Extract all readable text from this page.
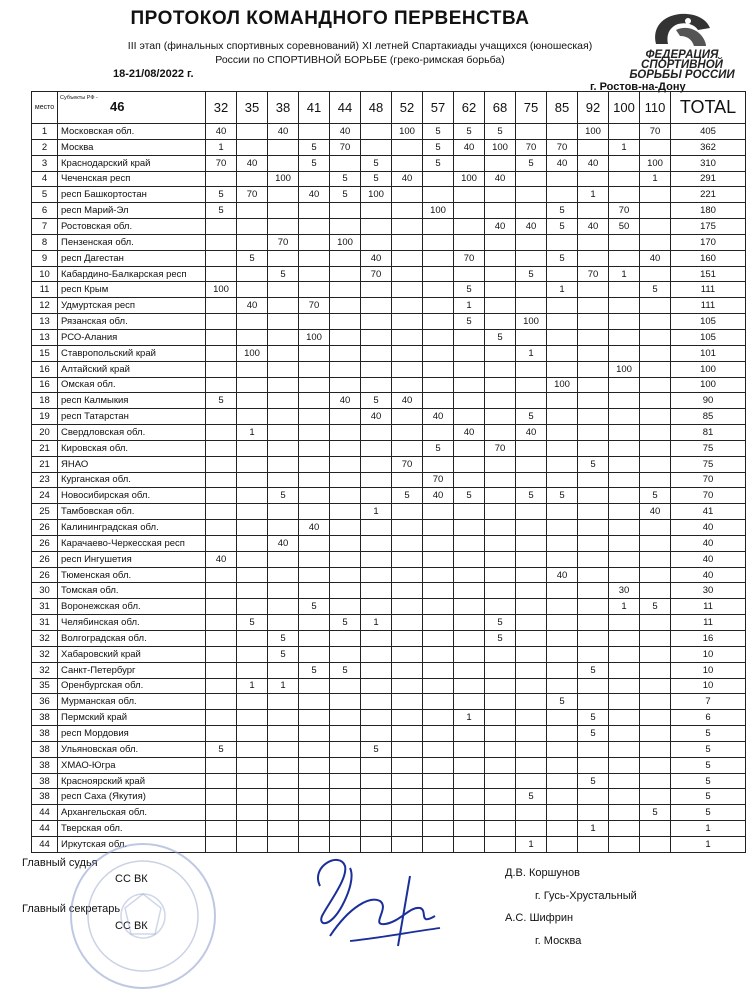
ПРОТОКОЛ КОМАНДНОГО ПЕРВЕНСТВА
III этап (финальных спортивных соревнований) XI летней Спартакиады учащихся (юношеская)
России по СПОРТИВНОЙ БОРЬБЕ (греко-римская борьба)
18-21/08/2022 г.
г. Ростов-на-Дону
ФЕДЕРАЦИЯ
СПОРТИВНОЙ
БОРЬБЫ РОССИИ
место	Субъекты РФ -
46	32	35	38	41	44	48	52	57	62	68	75	85	92	100	110	TOTAL
1	Московская обл.	40		40		40		100	5	5	5			100		70	405
2	Москва	1			5	70			5	40	100	70	70		1		362
3	Краснодарский край	70	40		5		5		5			5	40	40		100	310
4	Чеченская респ			100		5	5	40		100	40					1	291
5	респ Башкортостан	5	70		40	5	100							1			221
6	респ Марий-Эл	5							100				5		70		180
7	Ростовская обл.										40	40	5	40	50		175
8	Пензенская обл.			70		100											170
9	респ Дагестан		5				40			70			5			40	160
10	Кабардино-Балкарская респ			5			70					5		70	1		151
11	респ Крым	100								5			1			5	111
12	Удмуртская респ		40		70					1							111
13	Рязанская обл.									5		100					105
13	РСО-Алания				100						5						105
15	Ставропольский край		100									1					101
16	Алтайский край														100		100
16	Омская обл.												100				100
18	респ Калмыкия	5				40	5	40									90
19	респ Татарстан						40		40			5					85
20	Свердловская обл.		1							40		40					81
21	Кировская обл.								5		70						75
21	ЯНАО							70						5			75
23	Курганская обл.								70								70
24	Новосибирская обл.			5				5	40	5		5	5			5	70
25	Тамбовская обл.						1									40	41
26	Калининградская обл.				40												40
26	Карачаево-Черкесская респ			40													40
26	респ Ингушетия	40															40
26	Тюменская обл.												40				40
30	Томская обл.														30		30
31	Воронежская обл.				5										1	5	11
31	Челябинская обл.		5			5	1				5						11
32	Волгоградская обл.			5							5						16
32	Хабаровский край			5													10
32	Санкт-Петербург				5	5								5			10
35	Оренбургская обл.		1	1													10
36	Мурманская обл.												5				7
38	Пермский край									1				5			6
38	респ Мордовия													5			5
38	Ульяновская обл.	5					5										5
38	ХМАО-Югра																5
38	Красноярский край													5			5
38	респ Саха (Якутия)											5					5
44	Архангельская обл.															5	5
44	Тверская обл.													1			1
44	Иркутская обл.											1					1
Главный судья
СС ВК
Главный секретарь
СС ВК
Д.В. Коршунов
г. Гусь-Хрустальный
А.С. Шифрин
г. Москва
